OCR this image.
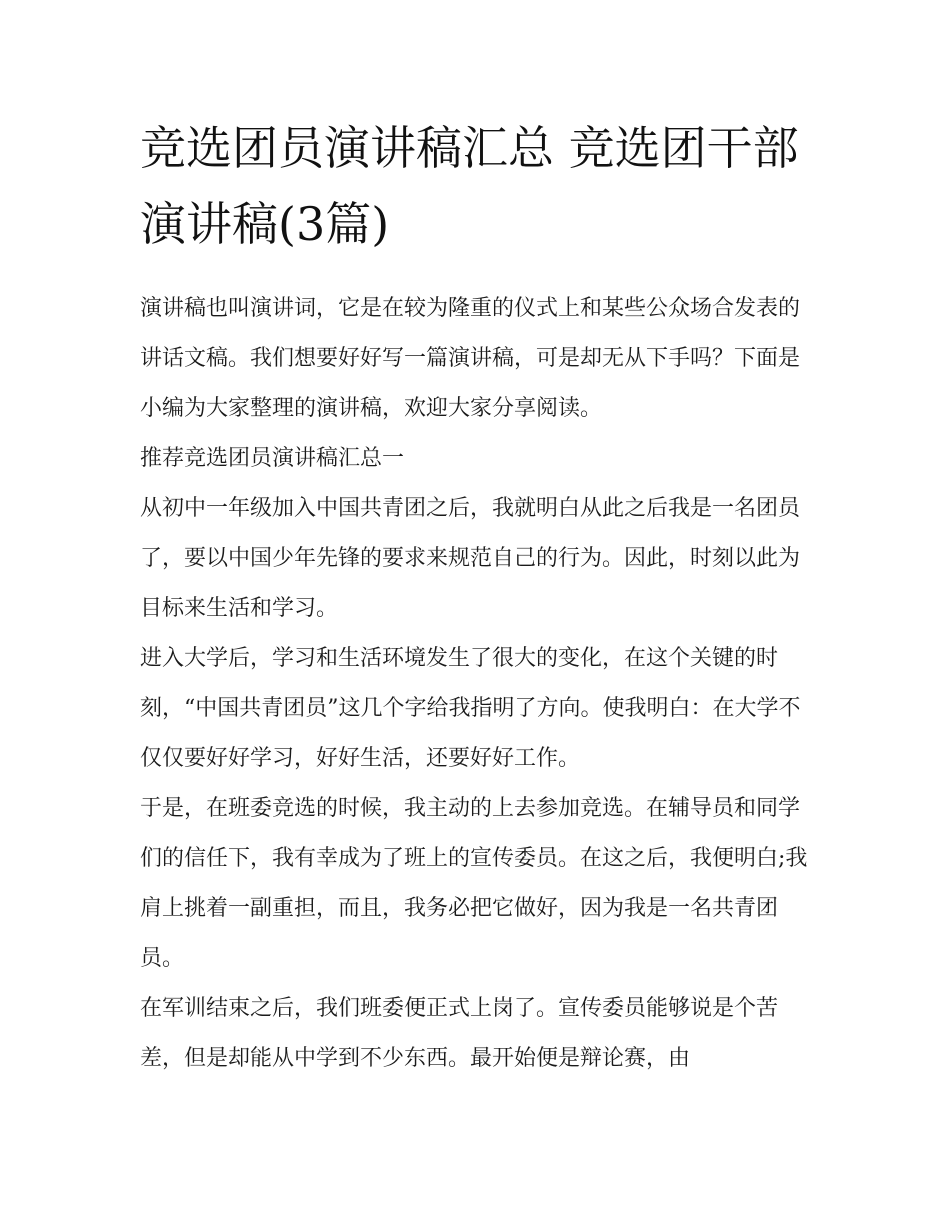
竞选团员演讲稿汇总 竞选团干部演讲稿(3篇)

演讲稿也叫演讲词，它是在较为隆重的仪式上和某些公众场合发表的讲话文稿。我们想要好好写一篇演讲稿，可是却无从下手吗？下面是小编为大家整理的演讲稿，欢迎大家分享阅读。

推荐竞选团员演讲稿汇总一

从初中一年级加入中国共青团之后，我就明白从此之后我是一名团员了，要以中国少年先锋的要求来规范自己的行为。因此，时刻以此为目标来生活和学习。

进入大学后，学习和生活环境发生了很大的变化，在这个关键的时刻，“中国共青团员”这几个字给我指明了方向。使我明白：在大学不仅仅要好好学习，好好生活，还要好好工作。

于是，在班委竞选的时候，我主动的上去参加竞选。在辅导员和同学们的信任下，我有幸成为了班上的宣传委员。在这之后，我便明白;我肩上挑着一副重担，而且，我务必把它做好，因为我是一名共青团员。

在军训结束之后，我们班委便正式上岗了。宣传委员能够说是个苦差，但是却能从中学到不少东西。最开始便是辩论赛，由
